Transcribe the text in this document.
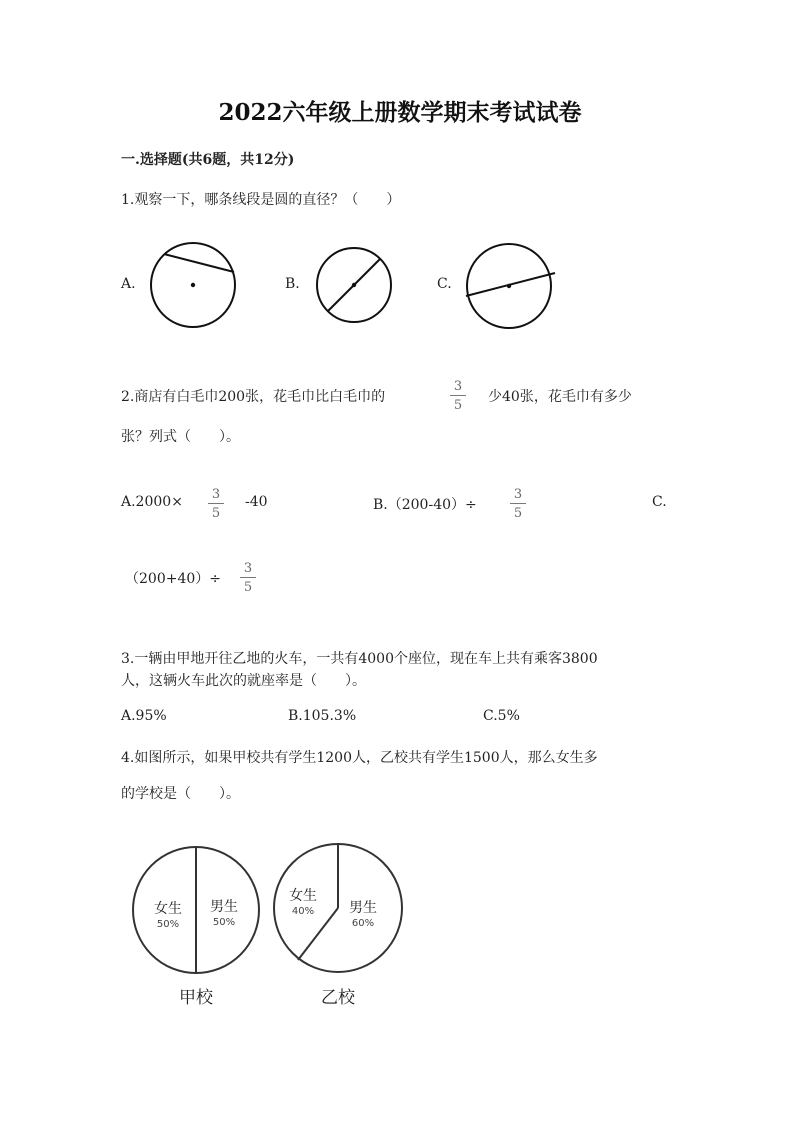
2022六年级上册数学期末考试试卷
一.选择题(共6题，共12分)
1.观察一下，哪条线段是圆的直径？（　　）
A.	B.	C.
2.商店有白毛巾200张，花毛巾比白毛巾的
3
5
少40张，花毛巾有多少
张？列式（　　）。
A.2000× 3
5
-40	B.（200-40）÷
3
5
C.
（200+40）÷
3
5
3.一辆由甲地开往乙地的火车，一共有4000个座位，现在车上共有乘客3800
人，这辆火车此次的就座率是（　　）。
A.95%	B.105.3%	C.5%
4.如图所示，如果甲校共有学生1200人，乙校共有学生1500人，那么女生多
的学校是（　　）。
女生
50%
男生
50%
甲校
女生
40% 男生
60%
乙校
